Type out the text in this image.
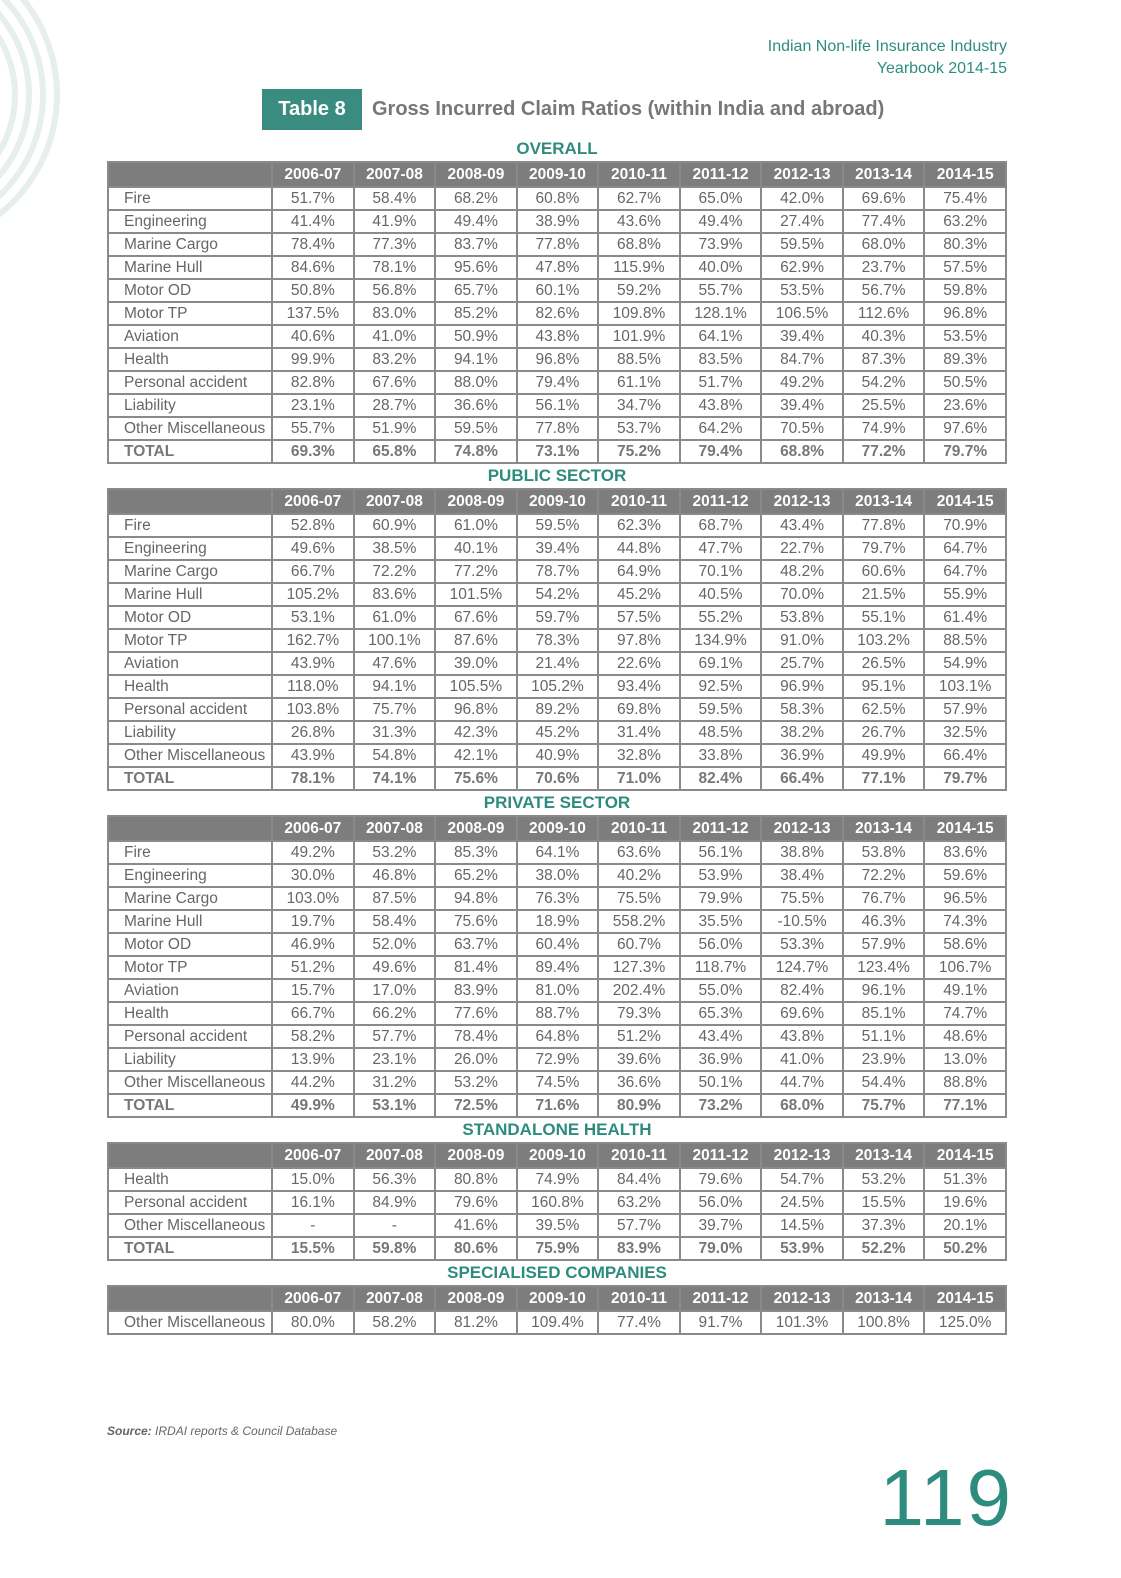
Indian Non-life Insurance Industry
Yearbook 2014-15
Table 8	Gross Incurred Claim Ratios (within India and abroad)
OVERALL
	2006-07	2007-08	2008-09	2009-10	2010-11	2011-12	2012-13	2013-14	2014-15
Fire	51.7%	58.4%	68.2%	60.8%	62.7%	65.0%	42.0%	69.6%	75.4%
Engineering	41.4%	41.9%	49.4%	38.9%	43.6%	49.4%	27.4%	77.4%	63.2%
Marine Cargo	78.4%	77.3%	83.7%	77.8%	68.8%	73.9%	59.5%	68.0%	80.3%
Marine Hull	84.6%	78.1%	95.6%	47.8%	115.9%	40.0%	62.9%	23.7%	57.5%
Motor OD	50.8%	56.8%	65.7%	60.1%	59.2%	55.7%	53.5%	56.7%	59.8%
Motor TP	137.5%	83.0%	85.2%	82.6%	109.8%	128.1%	106.5%	112.6%	96.8%
Aviation	40.6%	41.0%	50.9%	43.8%	101.9%	64.1%	39.4%	40.3%	53.5%
Health	99.9%	83.2%	94.1%	96.8%	88.5%	83.5%	84.7%	87.3%	89.3%
Personal accident	82.8%	67.6%	88.0%	79.4%	61.1%	51.7%	49.2%	54.2%	50.5%
Liability	23.1%	28.7%	36.6%	56.1%	34.7%	43.8%	39.4%	25.5%	23.6%
Other Miscellaneous	55.7%	51.9%	59.5%	77.8%	53.7%	64.2%	70.5%	74.9%	97.6%
TOTAL	69.3%	65.8%	74.8%	73.1%	75.2%	79.4%	68.8%	77.2%	79.7%
PUBLIC SECTOR
	2006-07	2007-08	2008-09	2009-10	2010-11	2011-12	2012-13	2013-14	2014-15
Fire	52.8%	60.9%	61.0%	59.5%	62.3%	68.7%	43.4%	77.8%	70.9%
Engineering	49.6%	38.5%	40.1%	39.4%	44.8%	47.7%	22.7%	79.7%	64.7%
Marine Cargo	66.7%	72.2%	77.2%	78.7%	64.9%	70.1%	48.2%	60.6%	64.7%
Marine Hull	105.2%	83.6%	101.5%	54.2%	45.2%	40.5%	70.0%	21.5%	55.9%
Motor OD	53.1%	61.0%	67.6%	59.7%	57.5%	55.2%	53.8%	55.1%	61.4%
Motor TP	162.7%	100.1%	87.6%	78.3%	97.8%	134.9%	91.0%	103.2%	88.5%
Aviation	43.9%	47.6%	39.0%	21.4%	22.6%	69.1%	25.7%	26.5%	54.9%
Health	118.0%	94.1%	105.5%	105.2%	93.4%	92.5%	96.9%	95.1%	103.1%
Personal accident	103.8%	75.7%	96.8%	89.2%	69.8%	59.5%	58.3%	62.5%	57.9%
Liability	26.8%	31.3%	42.3%	45.2%	31.4%	48.5%	38.2%	26.7%	32.5%
Other Miscellaneous	43.9%	54.8%	42.1%	40.9%	32.8%	33.8%	36.9%	49.9%	66.4%
TOTAL	78.1%	74.1%	75.6%	70.6%	71.0%	82.4%	66.4%	77.1%	79.7%
PRIVATE SECTOR
	2006-07	2007-08	2008-09	2009-10	2010-11	2011-12	2012-13	2013-14	2014-15
Fire	49.2%	53.2%	85.3%	64.1%	63.6%	56.1%	38.8%	53.8%	83.6%
Engineering	30.0%	46.8%	65.2%	38.0%	40.2%	53.9%	38.4%	72.2%	59.6%
Marine Cargo	103.0%	87.5%	94.8%	76.3%	75.5%	79.9%	75.5%	76.7%	96.5%
Marine Hull	19.7%	58.4%	75.6%	18.9%	558.2%	35.5%	-10.5%	46.3%	74.3%
Motor OD	46.9%	52.0%	63.7%	60.4%	60.7%	56.0%	53.3%	57.9%	58.6%
Motor TP	51.2%	49.6%	81.4%	89.4%	127.3%	118.7%	124.7%	123.4%	106.7%
Aviation	15.7%	17.0%	83.9%	81.0%	202.4%	55.0%	82.4%	96.1%	49.1%
Health	66.7%	66.2%	77.6%	88.7%	79.3%	65.3%	69.6%	85.1%	74.7%
Personal accident	58.2%	57.7%	78.4%	64.8%	51.2%	43.4%	43.8%	51.1%	48.6%
Liability	13.9%	23.1%	26.0%	72.9%	39.6%	36.9%	41.0%	23.9%	13.0%
Other Miscellaneous	44.2%	31.2%	53.2%	74.5%	36.6%	50.1%	44.7%	54.4%	88.8%
TOTAL	49.9%	53.1%	72.5%	71.6%	80.9%	73.2%	68.0%	75.7%	77.1%
STANDALONE HEALTH
	2006-07	2007-08	2008-09	2009-10	2010-11	2011-12	2012-13	2013-14	2014-15
Health	15.0%	56.3%	80.8%	74.9%	84.4%	79.6%	54.7%	53.2%	51.3%
Personal accident	16.1%	84.9%	79.6%	160.8%	63.2%	56.0%	24.5%	15.5%	19.6%
Other Miscellaneous	-	-	41.6%	39.5%	57.7%	39.7%	14.5%	37.3%	20.1%
TOTAL	15.5%	59.8%	80.6%	75.9%	83.9%	79.0%	53.9%	52.2%	50.2%
SPECIALISED COMPANIES
	2006-07	2007-08	2008-09	2009-10	2010-11	2011-12	2012-13	2013-14	2014-15
Other Miscellaneous	80.0%	58.2%	81.2%	109.4%	77.4%	91.7%	101.3%	100.8%	125.0%
Source: IRDAI reports & Council Database
119
